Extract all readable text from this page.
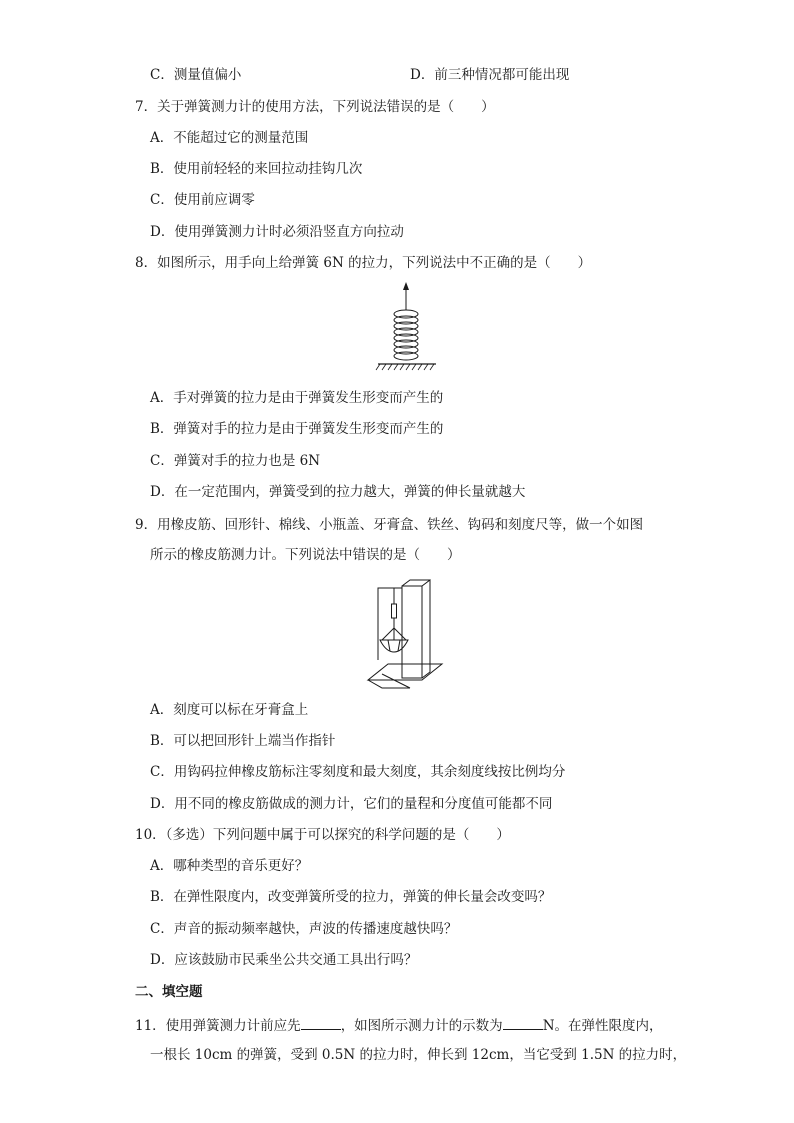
C．测量值偏小	D．前三种情况都可能出现
7．关于弹簧测力计的使用方法，下列说法错误的是（　　）
A．不能超过它的测量范围
B．使用前轻轻的来回拉动挂钩几次
C．使用前应调零
D．使用弹簧测力计时必须沿竖直方向拉动
8．如图所示，用手向上给弹簧 6N 的拉力，下列说法中不正确的是（　　）
A．手对弹簧的拉力是由于弹簧发生形变而产生的
B．弹簧对手的拉力是由于弹簧发生形变而产生的
C．弹簧对手的拉力也是 6N
D．在一定范围内，弹簧受到的拉力越大，弹簧的伸长量就越大
9．用橡皮筋、回形针、棉线、小瓶盖、牙膏盒、铁丝、钩码和刻度尺等，做一个如图
所示的橡皮筋测力计。下列说法中错误的是（　　）
A．刻度可以标在牙膏盒上
B．可以把回形针上端当作指针
C．用钩码拉伸橡皮筋标注零刻度和最大刻度，其余刻度线按比例均分
D．用不同的橡皮筋做成的测力计，它们的量程和分度值可能都不同
10．（多选）下列问题中属于可以探究的科学问题的是（　　）
A．哪种类型的音乐更好？
B．在弹性限度内，改变弹簧所受的拉力，弹簧的伸长量会改变吗？
C．声音的振动频率越快，声波的传播速度越快吗？
D．应该鼓励市民乘坐公共交通工具出行吗？
二、填空题
11．使用弹簧测力计前应先	，如图所示测力计的示数为	N。在弹性限度内，
一根长 10cm 的弹簧，受到 0.5N 的拉力时，伸长到 12cm，当它受到 1.5N 的拉力时，
